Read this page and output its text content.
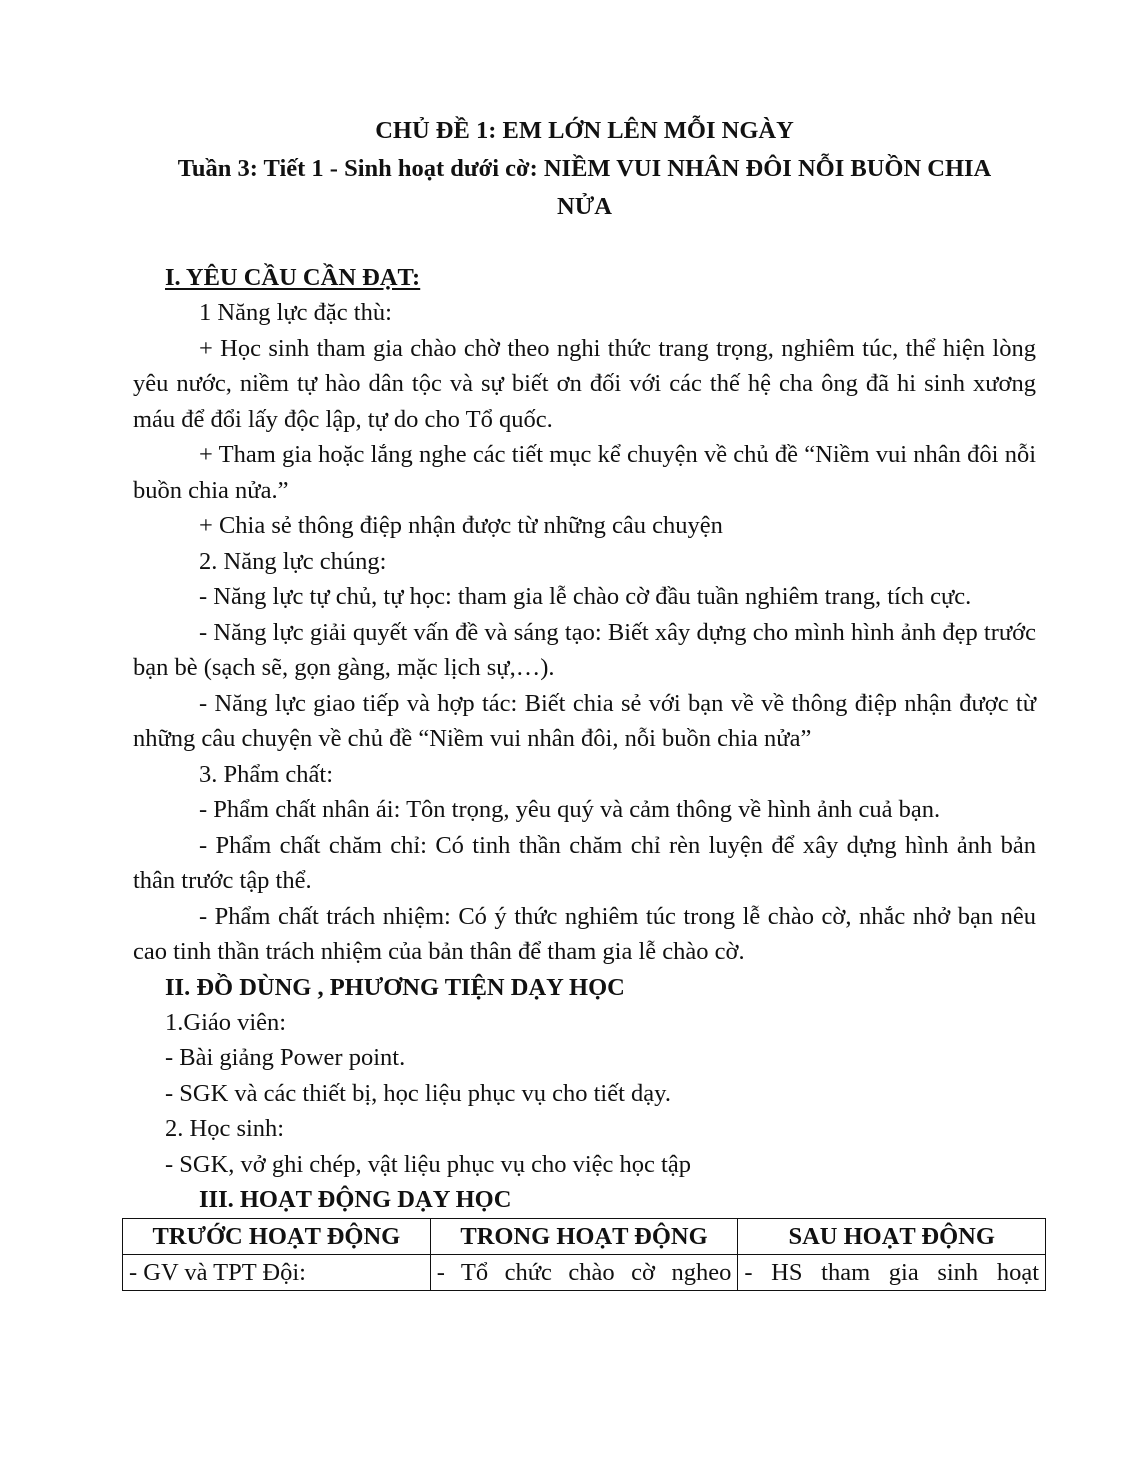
CHỦ ĐỀ 1: EM LỚN LÊN MỖI NGÀY
Tuần 3: Tiết 1 - Sinh hoạt dưới cờ: NIỀM VUI NHÂN ĐÔI NỖI BUỒN CHIA
NỬA
I. YÊU CẦU CẦN ĐẠT:
1 Năng lực đặc thù:
+ Học sinh tham gia chào chờ theo nghi thức trang trọng, nghiêm túc, thể hiện lòng yêu nước, niềm tự hào dân tộc và sự biết ơn đối với các thế hệ cha ông đã hi sinh xương máu để đổi lấy độc lập, tự do cho Tổ quốc.
+ Tham gia hoặc lắng nghe các tiết mục kể chuyện về chủ đề “Niềm vui nhân đôi nỗi buồn chia nửa.”
+ Chia sẻ thông điệp nhận được từ những câu chuyện
2. Năng lực chúng:
- Năng lực tự chủ, tự học: tham gia lễ chào cờ đầu tuần nghiêm trang, tích cực.
- Năng lực giải quyết vấn đề và sáng tạo: Biết xây dựng cho mình hình ảnh đẹp trước bạn bè (sạch sẽ, gọn gàng, mặc lịch sự,…).
- Năng lực giao tiếp và hợp tác: Biết chia sẻ với bạn về về thông điệp nhận được từ những câu chuyện về chủ đề “Niềm vui nhân đôi, nỗi buồn chia nửa”
3. Phẩm chất:
- Phẩm chất nhân ái: Tôn trọng, yêu quý và cảm thông về hình ảnh cuả bạn.
- Phẩm chất chăm chỉ: Có tinh thần chăm chỉ rèn luyện để xây dựng hình ảnh bản thân trước tập thể.
- Phẩm chất trách nhiệm: Có ý thức nghiêm túc trong lễ chào cờ, nhắc nhở bạn nêu cao tinh thần trách nhiệm của bản thân để tham gia lễ chào cờ.
II. ĐỒ DÙNG , PHƯƠNG TIỆN DẠY HỌC
1.Giáo viên:
- Bài giảng Power point.
- SGK và các thiết bị, học liệu phục vụ cho tiết dạy.
2. Học sinh:
- SGK, vở ghi chép, vật liệu phục vụ cho việc học tập
III. HOẠT ĐỘNG DẠY HỌC
TRƯỚC HOẠT ĐỘNG	TRONG HOẠT ĐỘNG	SAU HOẠT ĐỘNG
- GV và TPT Đội:	- Tổ chức chào cờ ngheo	- HS tham gia sinh hoạt
